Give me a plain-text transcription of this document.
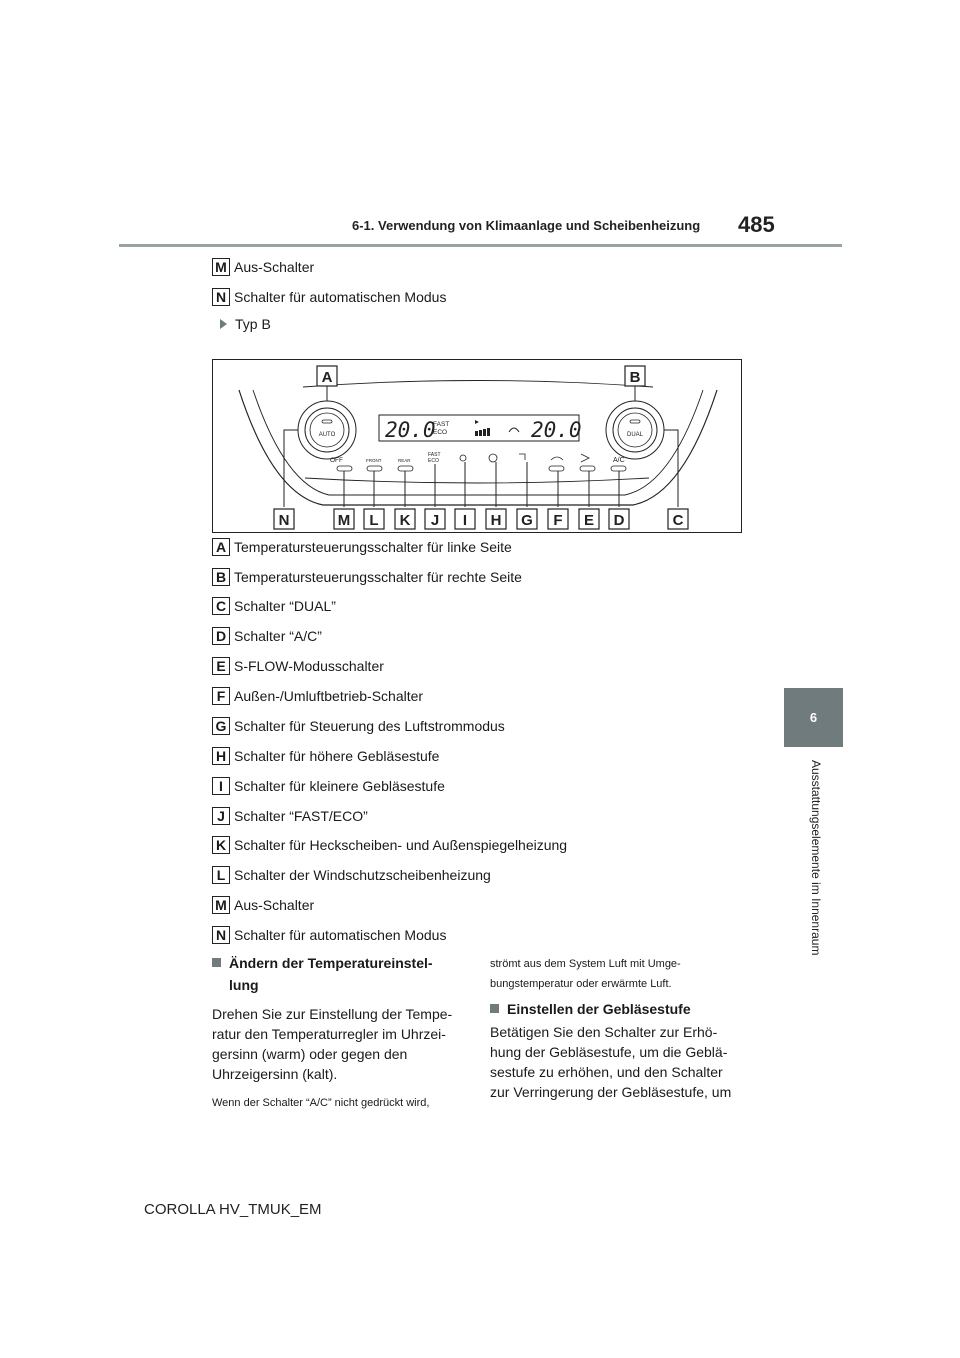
6-1. Verwendung von Klimaanlage und Scheibenheizung 485
6
Ausstattungselemente im Innenraum
M Aus-Schalter
N Schalter für automatischen Modus
Typ B
AUTO	DUAL
20.0
FAST
ECO	20.0
OFF	FRONT	REAR
FAST
ECO	A/C
A	B
N	M L K J I H G F E D	C
A Temperatursteuerungsschalter für linke Seite
B Temperatursteuerungsschalter für rechte Seite
C Schalter “DUAL”
D Schalter “A/C”
E S-FLOW-Modusschalter
F Außen-/Umluftbetrieb-Schalter
G Schalter für Steuerung des Luftstrommodus
H Schalter für höhere Gebläsestufe
I Schalter für kleinere Gebläsestufe
J Schalter “FAST/ECO”
K Schalter für Heckscheiben- und Außenspiegelheizung
L Schalter der Windschutzscheibenheizung
M Aus-Schalter
N Schalter für automatischen Modus
Ändern der Temperatureinstel-
lung
Drehen Sie zur Einstellung der Tempe-
ratur den Temperaturregler im Uhrzei-
gersinn (warm) oder gegen den
Uhrzeigersinn (kalt).
Wenn der Schalter “A/C” nicht gedrückt wird,
strömt aus dem System Luft mit Umge-
bungstemperatur oder erwärmte Luft.
Einstellen der Gebläsestufe
Betätigen Sie den Schalter zur Erhö-
hung der Gebläsestufe, um die Geblä-
sestufe zu erhöhen, und den Schalter
zur Verringerung der Gebläsestufe, um
COROLLA HV_TMUK_EM
